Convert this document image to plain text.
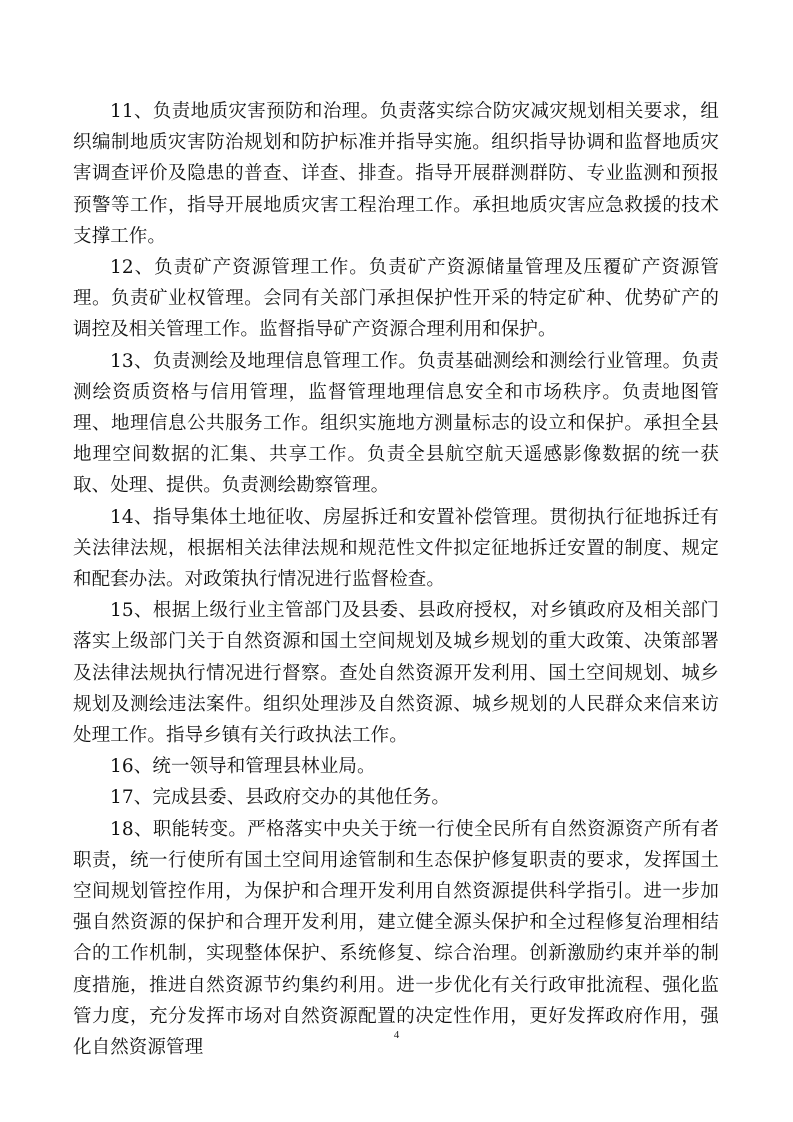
11、负责地质灾害预防和治理。负责落实综合防灾减灾规划相关要求，组织编制地质灾害防治规划和防护标准并指导实施。组织指导协调和监督地质灾害调查评价及隐患的普查、详查、排查。指导开展群测群防、专业监测和预报预警等工作，指导开展地质灾害工程治理工作。承担地质灾害应急救援的技术支撑工作。

12、负责矿产资源管理工作。负责矿产资源储量管理及压覆矿产资源管理。负责矿业权管理。会同有关部门承担保护性开采的特定矿种、优势矿产的调控及相关管理工作。监督指导矿产资源合理利用和保护。

13、负责测绘及地理信息管理工作。负责基础测绘和测绘行业管理。负责测绘资质资格与信用管理，监督管理地理信息安全和市场秩序。负责地图管理、地理信息公共服务工作。组织实施地方测量标志的设立和保护。承担全县地理空间数据的汇集、共享工作。负责全县航空航天遥感影像数据的统一获取、处理、提供。负责测绘勘察管理。

14、指导集体土地征收、房屋拆迁和安置补偿管理。贯彻执行征地拆迁有关法律法规，根据相关法律法规和规范性文件拟定征地拆迁安置的制度、规定和配套办法。对政策执行情况进行监督检查。

15、根据上级行业主管部门及县委、县政府授权，对乡镇政府及相关部门落实上级部门关于自然资源和国土空间规划及城乡规划的重大政策、决策部署及法律法规执行情况进行督察。查处自然资源开发利用、国土空间规划、城乡规划及测绘违法案件。组织处理涉及自然资源、城乡规划的人民群众来信来访处理工作。指导乡镇有关行政执法工作。

16、统一领导和管理县林业局。

17、完成县委、县政府交办的其他任务。

18、职能转变。严格落实中央关于统一行使全民所有自然资源资产所有者职责，统一行使所有国土空间用途管制和生态保护修复职责的要求，发挥国土空间规划管控作用，为保护和合理开发利用自然资源提供科学指引。进一步加强自然资源的保护和合理开发利用，建立健全源头保护和全过程修复治理相结合的工作机制，实现整体保护、系统修复、综合治理。创新激励约束并举的制度措施，推进自然资源节约集约利用。进一步优化有关行政审批流程、强化监管力度，充分发挥市场对自然资源配置的决定性作用，更好发挥政府作用，强化自然资源管理

4
